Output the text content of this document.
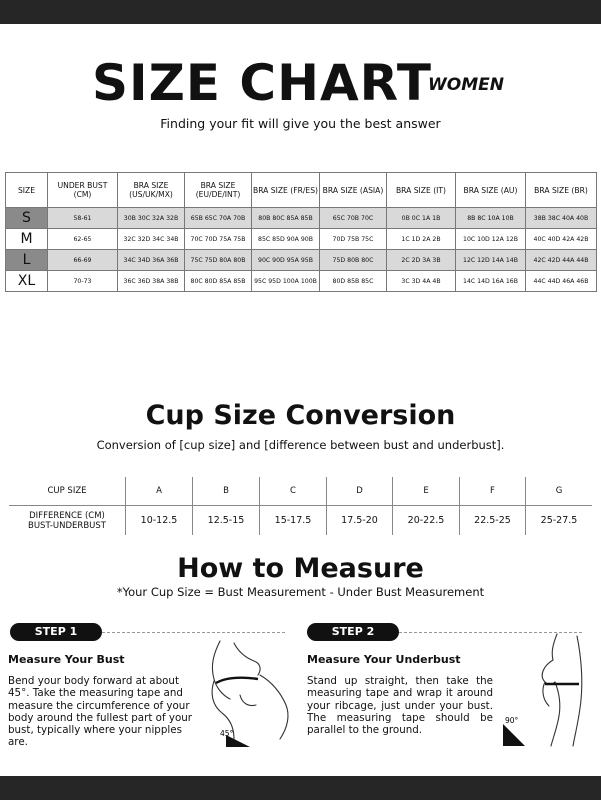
SIZE CHART
WOMEN
Finding your fit will give you the best answer
SIZE	UNDER BUST (CM)	BRA SIZE (US/UK/MX)	BRA SIZE (EU/DE/INT)	BRA SIZE (FR/ES)	BRA SIZE (ASIA)	BRA SIZE (IT)	BRA SIZE (AU)	BRA SIZE (BR)
S	58-61	30B 30C 32A 32B	65B 65C 70A 70B	80B 80C 85A 85B	65C 70B 70C	0B 0C 1A 1B	8B 8C 10A 10B	38B 38C 40A 40B
M	62-65	32C 32D 34C 34B	70C 70D 75A 75B	85C 85D 90A 90B	70D 75B 75C	1C 1D 2A 2B	10C 10D 12A 12B	40C 40D 42A 42B
L	66-69	34C 34D 36A 36B	75C 75D 80A 80B	90C 90D 95A 95B	75D 80B 80C	2C 2D 3A 3B	12C 12D 14A 14B	42C 42D 44A 44B
XL	70-73	36C 36D 38A 38B	80C 80D 85A 85B	95C 95D 100A 100B	80D 85B 85C	3C 3D 4A 4B	14C 14D 16A 16B	44C 44D 46A 46B
Cup Size Conversion
Conversion of [cup size] and [difference between bust and underbust].
CUP SIZE	A	B	C	D	E	F	G

DIFFERENCE (CM)
BUST-UNDERBUST	10-12.5	12.5-15	15-17.5	17.5-20	20-22.5	22.5-25	25-27.5
How to Measure
*Your Cup Size = Bust Measurement - Under Bust Measurement
STEP 1
Measure Your Bust
Bend your body forward at about 45°. Take the measuring tape and measure the circumference of your body around the fullest part of your bust, typically where your nipples are.
45°
STEP 2
Measure Your Underbust
Stand up straight, then take the measuring tape and wrap it around your ribcage, just under your bust. The measuring tape should be parallel to the ground.
90°
